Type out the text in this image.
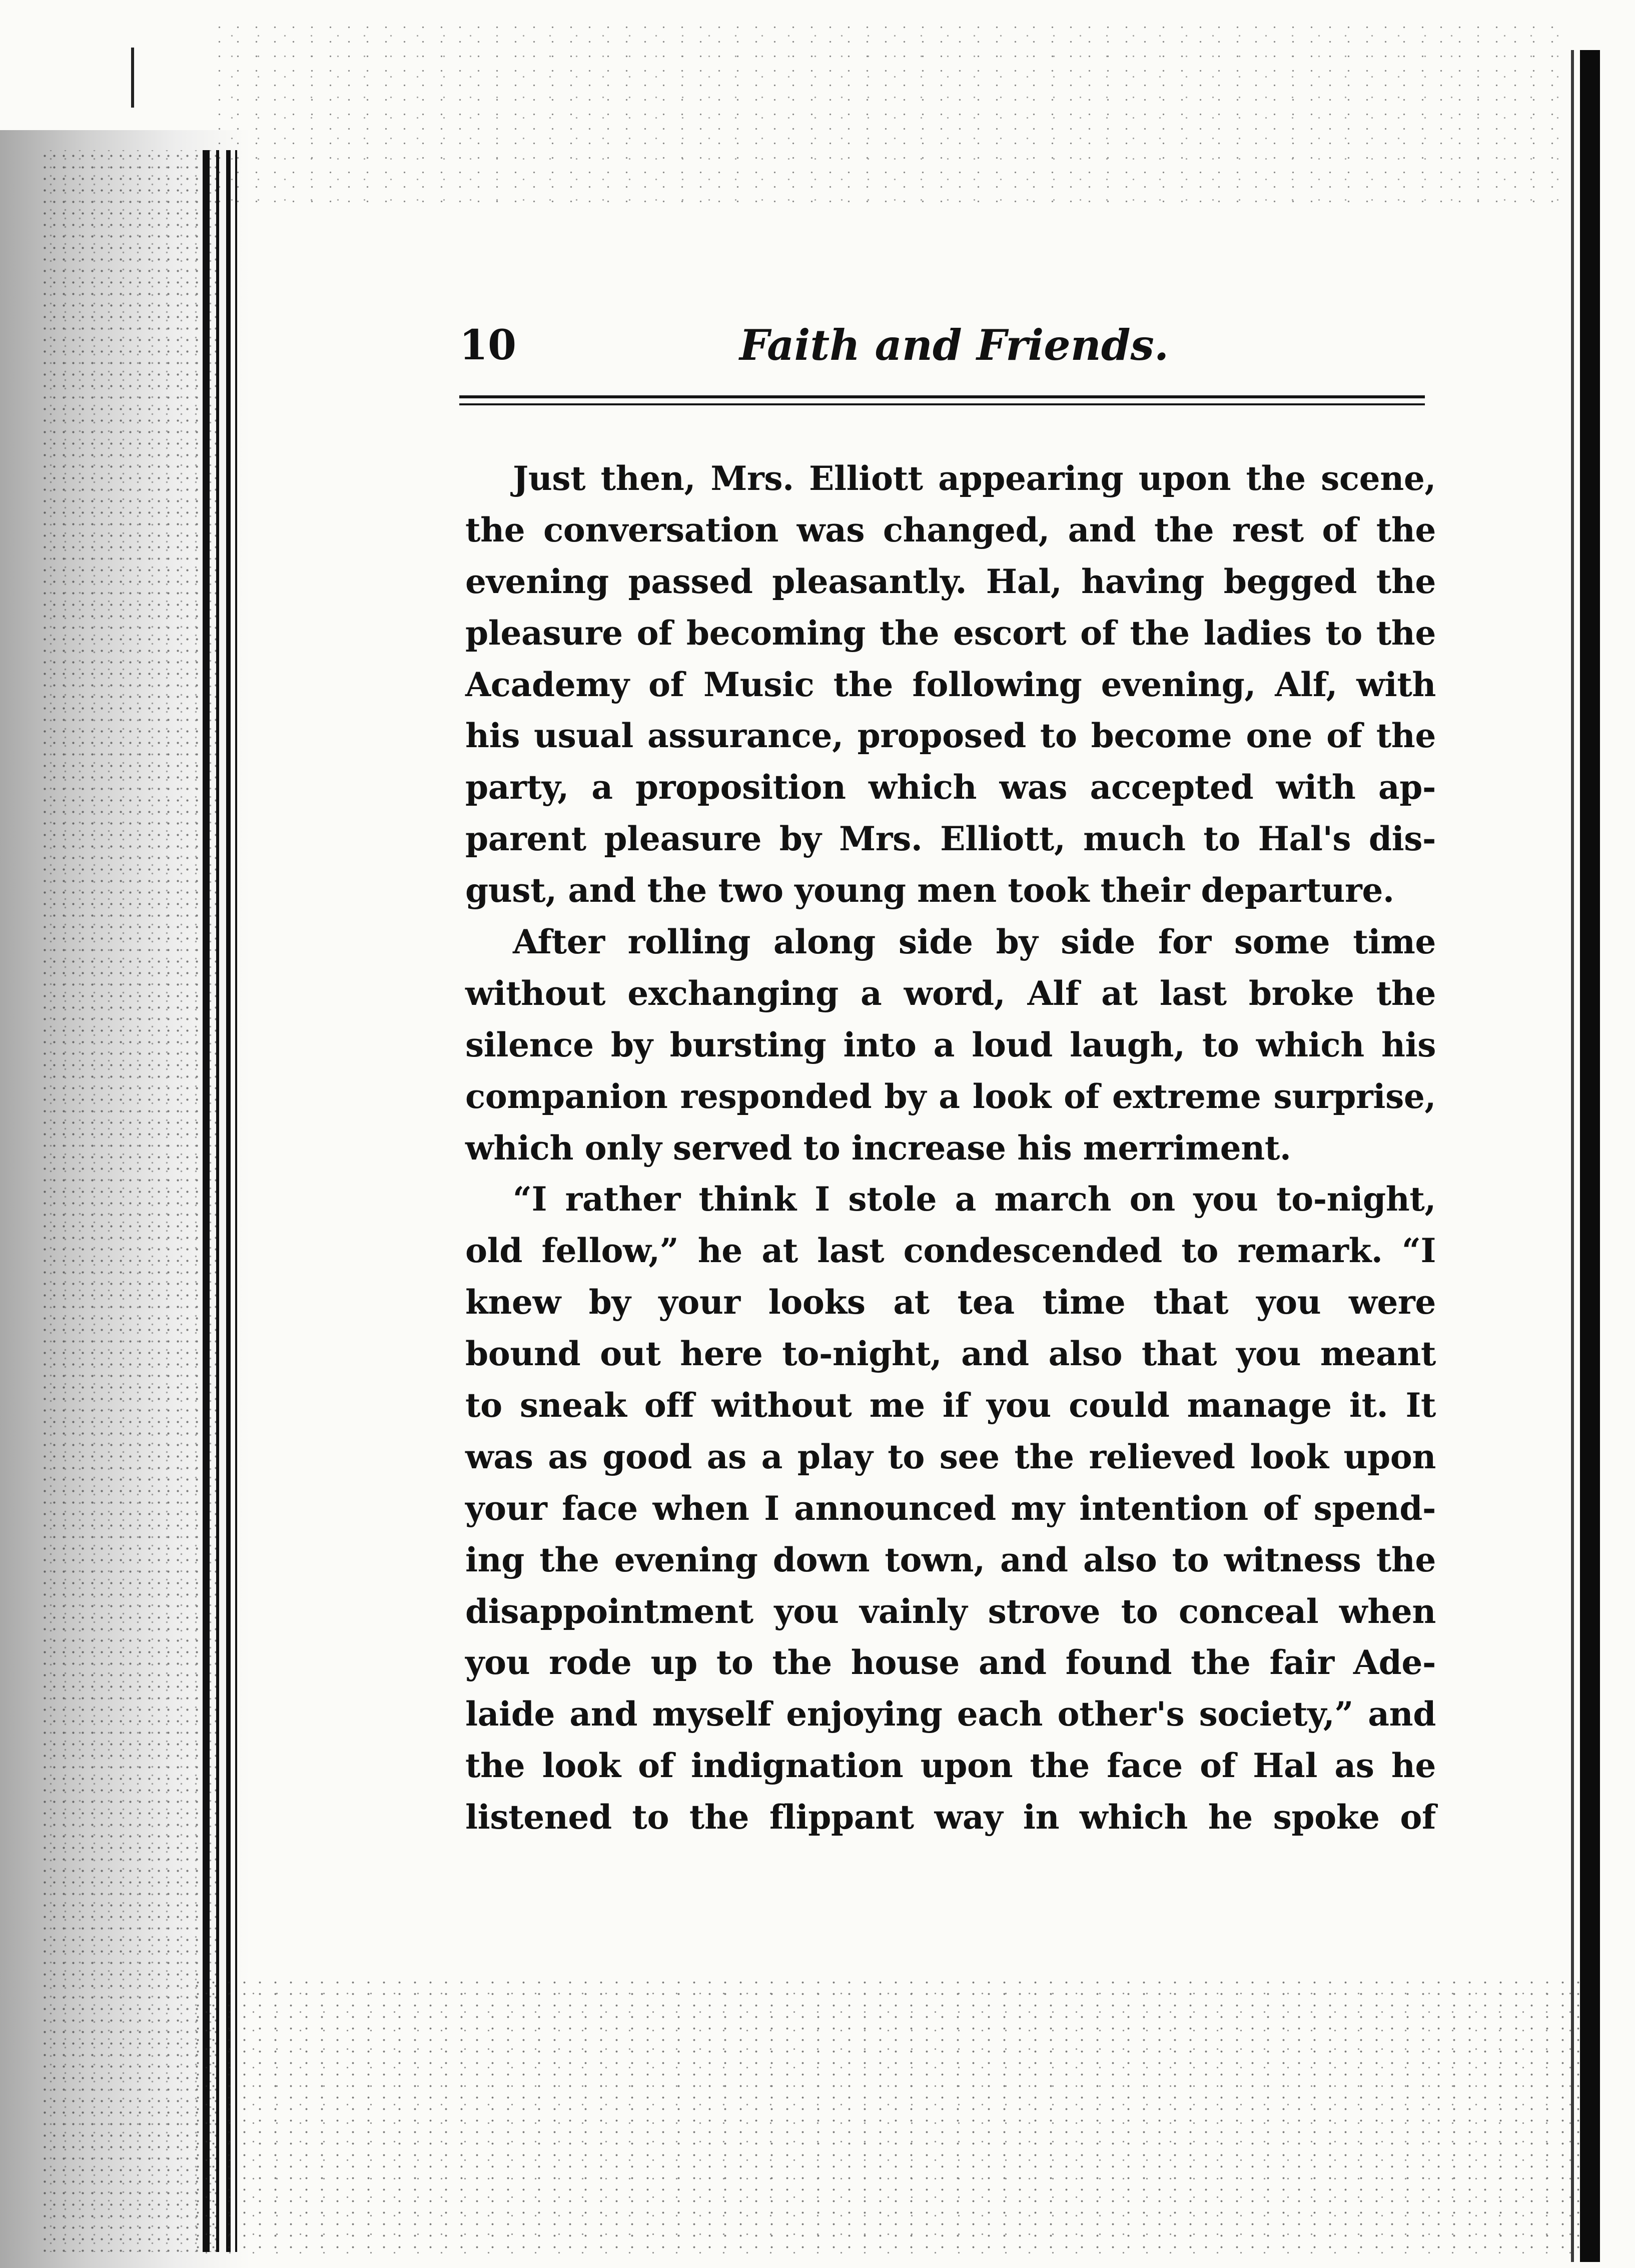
10	Faith and Friends.
Just then, Mrs. Elliott appearing upon the scene,
the conversation was changed, and the rest of the
evening passed pleasantly. Hal, having begged the
pleasure of becoming the escort of the ladies to the
Academy of Music the following evening, Alf, with
his usual assurance, proposed to become one of the
party, a proposition which was accepted with ap-
parent pleasure by Mrs. Elliott, much to Hal's dis-
gust, and the two young men took their departure.
After rolling along side by side for some time
without exchanging a word, Alf at last broke the
silence by bursting into a loud laugh, to which his
companion responded by a look of extreme surprise,
which only served to increase his merriment.
“I rather think I stole a march on you to-night,
old fellow,” he at last condescended to remark. “I
knew by your looks at tea time that you were
bound out here to-night, and also that you meant
to sneak off without me if you could manage it. It
was as good as a play to see the relieved look upon
your face when I announced my intention of spend-
ing the evening down town, and also to witness the
disappointment you vainly strove to conceal when
you rode up to the house and found the fair Ade-
laide and myself enjoying each other's society,” and
the look of indignation upon the face of Hal as he
listened to the flippant way in which he spoke of
